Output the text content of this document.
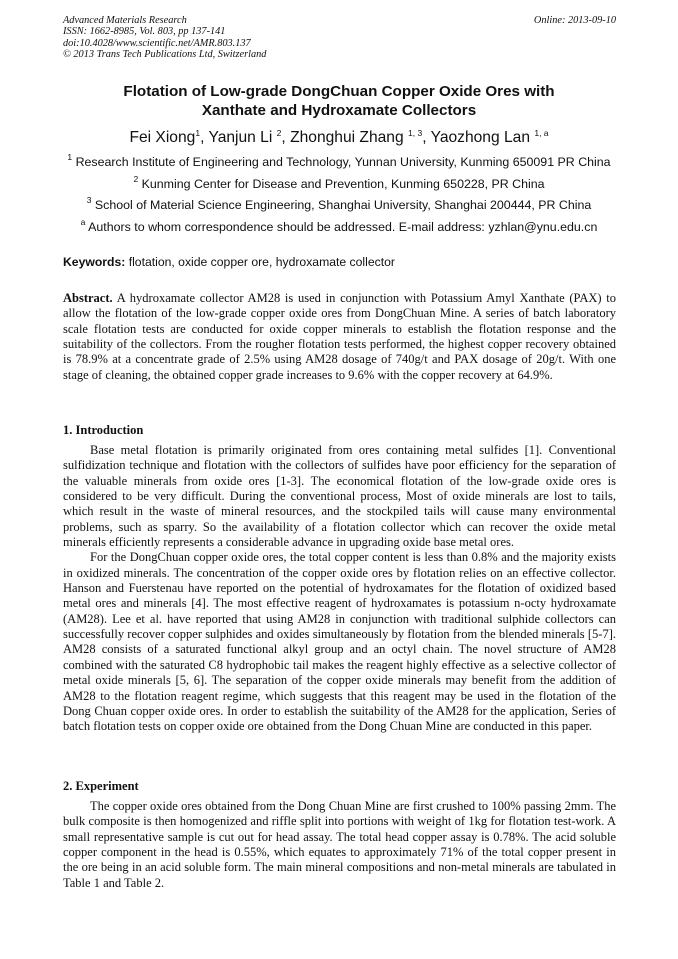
Advanced Materials Research
ISSN: 1662-8985, Vol. 803, pp 137-141
doi:10.4028/www.scientific.net/AMR.803.137
© 2013 Trans Tech Publications Ltd, Switzerland
Online: 2013-09-10
Flotation of Low-grade DongChuan Copper Oxide Ores with
Xanthate and Hydroxamate Collectors
Fei Xiong$^1$, Yanjun Li $^2$, Zhonghui Zhang $^{1, 3}$, Yaozhong Lan $^{1, a}$
$^1$ Research Institute of Engineering and Technology, Yunnan University, Kunming 650091 PR China
$^2$ Kunming Center for Disease and Prevention, Kunming 650228, PR China
$^3$ School of Material Science Engineering, Shanghai University, Shanghai 200444, PR China
$^a$ Authors to whom correspondence should be addressed. E-mail address: yzhlan@ynu.edu.cn
Keywords: flotation, oxide copper ore, hydroxamate collector
Abstract. A hydroxamate collector AM28 is used in conjunction with Potassium Amyl Xanthate (PAX) to allow the flotation of the low-grade copper oxide ores from DongChuan Mine. A series of batch laboratory scale flotation tests are conducted for oxide copper minerals to establish the flotation response and the suitability of the collectors. From the rougher flotation tests performed, the highest copper recovery obtained is 78.9% at a concentrate grade of 2.5% using AM28 dosage of 740g/t and PAX dosage of 20g/t. With one stage of cleaning, the obtained copper grade increases to 9.6% with the copper recovery at 64.9%.
1. Introduction

Base metal flotation is primarily originated from ores containing metal sulfides [1]. Conventional sulfidization technique and flotation with the collectors of sulfides have poor efficiency for the separation of the valuable minerals from oxide ores [1-3]. The economical flotation of the low-grade oxide ores is considered to be very difficult. During the conventional process, Most of oxide minerals are lost to tails, which result in the waste of mineral resources, and the stockpiled tails will cause many environmental problems, such as sparry. So the availability of a flotation collector which can recover the oxide metal minerals efficiently represents a considerable advance in upgrading oxide base metal ores.

For the DongChuan copper oxide ores, the total copper content is less than 0.8% and the majority exists in oxidized minerals. The concentration of the copper oxide ores by flotation relies on an effective collector. Hanson and Fuerstenau have reported on the potential of hydroxamates for the flotation of oxidized based metal ores and minerals [4]. The most effective reagent of hydroxamates is potassium n-octy hydroxamate (AM28). Lee et al. have reported that using AM28 in conjunction with traditional sulphide collectors can successfully recover copper sulphides and oxides simultaneously by flotation from the blended minerals [5-7]. AM28 consists of a saturated functional alkyl group and an octyl chain. The novel structure of AM28 combined with the saturated C8 hydrophobic tail makes the reagent highly effective as a selective collector of metal oxide minerals [5, 6]. The separation of the copper oxide minerals may benefit from the addition of AM28 to the flotation reagent regime, which suggests that this reagent may be used in the flotation of the Dong Chuan copper oxide ores. In order to establish the suitability of the AM28 for the application, Series of batch flotation tests on copper oxide ore obtained from the Dong Chuan Mine are conducted in this paper.

2. Experiment

The copper oxide ores obtained from the Dong Chuan Mine are first crushed to 100% passing 2mm. The bulk composite is then homogenized and riffle split into portions with weight of 1kg for flotation test-work. A small representative sample is cut out for head assay. The total head copper assay is 0.78%. The acid soluble copper component in the head is 0.55%, which equates to approximately 71% of the total copper present in the ore being in an acid soluble form. The main mineral compositions and non-metal minerals are tabulated in Table 1 and Table 2.
